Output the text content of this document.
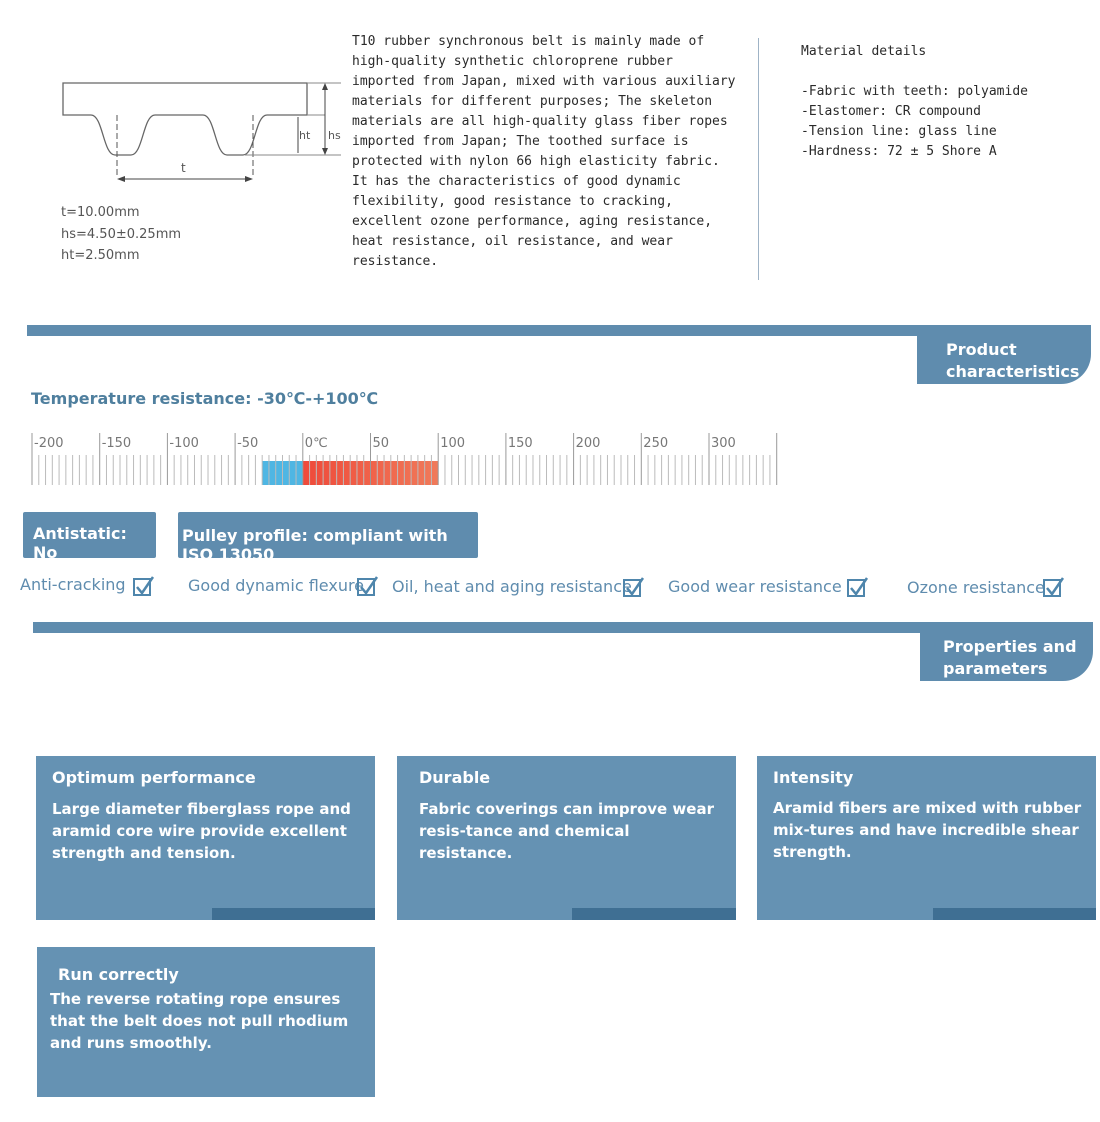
t
ht hs
t=10.00mm
hs=4.50±0.25mm
ht=2.50mm
T10 rubber synchronous belt is mainly made of
high-quality synthetic chloroprene rubber
imported from Japan, mixed with various auxiliary
materials for different purposes; The skeleton
materials are all high-quality glass fiber ropes
imported from Japan; The toothed surface is
protected with nylon 66 high elasticity fabric.
It has the characteristics of good dynamic
flexibility, good resistance to cracking,
excellent ozone performance, aging resistance,
heat resistance, oil resistance, and wear
resistance.
Material details
-Fabric with teeth: polyamide
-Elastomer: CR compound
-Tension line: glass line
-Hardness: 72 ± 5 Shore A
Product
characteristics
Temperature resistance: -30℃-+100℃
-200	-150	-100	-50	0℃	50	100	150	200	250	300
Antistatic: No
Pulley profile: compliant with ISO 13050
Anti-cracking	Good dynamic flexure Oil, heat and aging resistance Good wear resistance	Ozone resistance
Properties and
parameters
Optimum performance
Large diameter fiberglass rope and aramid core wire provide excellent strength and tension.
Durable
Fabric coverings can improve wear resis-tance and chemical resistance.
Intensity
Aramid fibers are mixed with rubber mix-tures and have incredible shear strength.
Run correctly
The reverse rotating rope ensures that the belt does not pull rhodium and runs smoothly.
